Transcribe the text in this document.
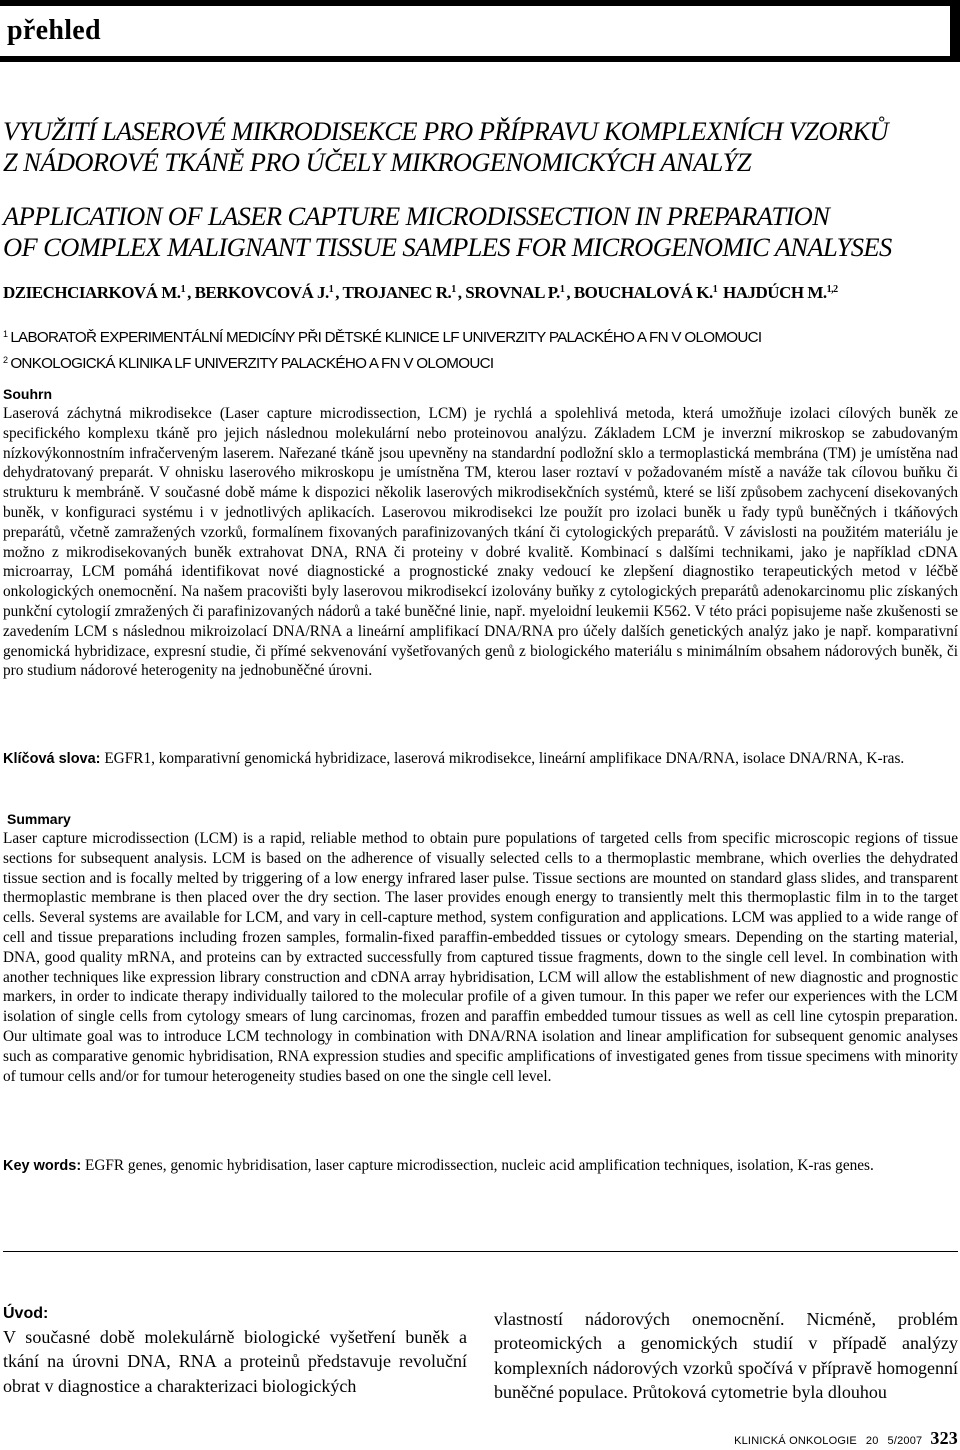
přehled
VYUŽITÍ LASEROVÉ MIKRODISEKCE PRO PŘÍPRAVU KOMPLEXNÍCH VZORKŮ
Z NÁDOROVÉ TKÁNĚ PRO ÚČELY MIKROGENOMICKÝCH ANALÝZ
APPLICATION OF LASER CAPTURE MICRODISSECTION IN PREPARATION
OF COMPLEX MALIGNANT TISSUE SAMPLES FOR MICROGENOMIC ANALYSES
DZIECHCIARKOVÁ M.$^1$ , BERKOVCOVÁ J.$^1$ , TROJANEC R.$^1$ , SROVNAL P.$^1$ , BOUCHALOVÁ K.$^1$ HAJDÚCH M.$^{1,2}$
$^1$ LABORATOŘ EXPERIMENTÁLNÍ MEDICÍNY PŘI DĚTSKÉ KLINICE LF UNIVERZITY PALACKÉHO A FN V OLOMOUCI
$^2$ ONKOLOGICKÁ KLINIKA LF UNIVERZITY PALACKÉHO A FN V OLOMOUCI
Souhrn
Laserová záchytná mikrodisekce (Laser capture microdissection, LCM) je rychlá a spolehlivá metoda, která umožňuje izolaci cílových buněk ze specifického komplexu tkáně pro jejich následnou molekulární nebo proteinovou analýzu. Základem LCM je inverzní mikroskop se zabudovaným nízkovýkonnostním infračerveným laserem. Nařezané tkáně jsou upevněny na standardní podložní sklo a termoplastická membrána (TM) je umístěna nad dehydratovaný preparát. V ohnisku laserového mikroskopu je umístněna TM, kterou laser roztaví v požadovaném místě a naváže tak cílovou buňku či strukturu k membráně. V současné době máme k dispozici několik laserových mikrodisekčních systémů, které se liší způsobem zachycení disekovaných buněk, v konfiguraci systému i v jednotlivých aplikacích. Laserovou mikrodisekci lze použít pro izolaci buněk u řady typů buněčných i tkáňových preparátů, včetně zamražených vzorků, formalínem fixovaných parafinizovaných tkání či cytologických preparátů. V závislosti na použitém materiálu je možno z mikrodisekovaných buněk extrahovat DNA, RNA či proteiny v dobré kvalitě. Kombinací s dalšími technikami, jako je například cDNA microarray, LCM pomáhá identifikovat nové diagnostické a prognostické znaky vedoucí ke zlepšení diagnostiko terapeutických metod v léčbě onkologických onemocnění. Na našem pracovišti byly laserovou mikrodisekcí izolovány buňky z cytologických preparátů adenokarcinomu plic získaných punkční cytologií zmražených či parafinizovaných nádorů a také buněčné linie, např. myeloidní leukemii K562. V této práci popisujeme naše zkušenosti se zavedením LCM s následnou mikroizolací DNA/RNA a lineární amplifikací DNA/RNA pro účely dalších genetických analýz jako je např. komparativní genomická hybridizace, expresní studie, či přímé sekvenování vyšetřovaných genů z biologického materiálu s minimálním obsahem nádorových buněk, či pro studium nádorové heterogenity na jednobuněčné úrovni.
Klíčová slova: EGFR1, komparativní genomická hybridizace, laserová mikrodisekce, lineární amplifikace DNA/RNA, isolace DNA/RNA, K-ras.
Summary
Laser capture microdissection (LCM) is a rapid, reliable method to obtain pure populations of targeted cells from specific microscopic regions of tissue sections for subsequent analysis. LCM is based on the adherence of visually selected cells to a thermoplastic membrane, which overlies the dehydrated tissue section and is focally melted by triggering of a low energy infrared laser pulse. Tissue sections are mounted on standard glass slides, and transparent thermoplastic membrane is then placed over the dry section. The laser provides enough energy to transiently melt this thermoplastic film in to the target cells. Several systems are available for LCM, and vary in cell-capture method, system configuration and applications. LCM was applied to a wide range of cell and tissue preparations including frozen samples, formalin-fixed paraffin-embedded tissues or cytology smears. Depending on the starting material, DNA, good quality mRNA, and proteins can by extracted successfully from captured tissue fragments, down to the single cell level. In combination with another techniques like expression library construction and cDNA array hybridisation, LCM will allow the establishment of new diagnostic and prognostic markers, in order to indicate therapy individually tailored to the molecular profile of a given tumour. In this paper we refer our experiences with the LCM isolation of single cells from cytology smears of lung carcinomas, frozen and paraffin embedded tumour tissues as well as cell line cytospin preparation. Our ultimate goal was to introduce LCM technology in combination with DNA/RNA isolation and linear amplification for subsequent genomic analyses such as comparative genomic hybridisation, RNA expression studies and specific amplifications of investigated genes from tissue specimens with minority of tumour cells and/or for tumour heterogeneity studies based on one the single cell level.
Key words: EGFR genes, genomic hybridisation, laser capture microdissection, nucleic acid amplification techniques, isolation, K-ras genes.
Úvod:
V současné době molekulárně biologické vyšetření buněk a tkání na úrovni DNA, RNA a proteinů představuje revoluční obrat v diagnostice a charakterizaci biologických
vlastností nádorových onemocnění. Nicméně, problém proteomických a genomických studií v případě analýzy komplexních nádorových vzorků spočívá v přípravě homogenní buněčné populace. Průtoková cytometrie byla dlouhou
KLINICKÁ ONKOLOGIE 20 5/2007 323
